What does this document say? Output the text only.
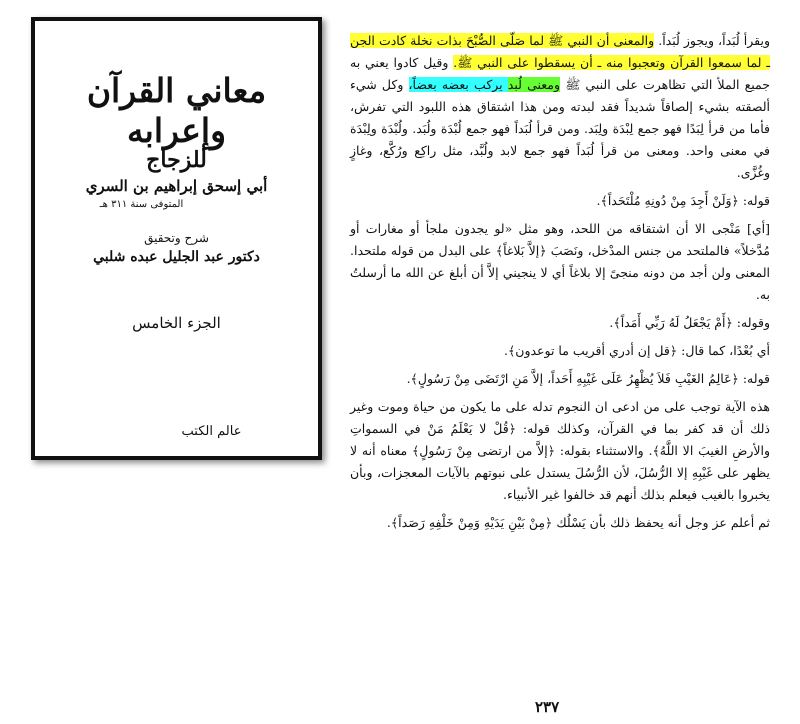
معاني القرآن وإعرابه
للزجاج
أبي إسحق إبراهيم بن السري
المتوفى سنة ٣١١ هـ
شرح وتحقيق
دكتور عبد الجليل عبده شلبي
الجزء الخامس
عالم الكتب

ويقرأ لُبَداً، ويجوز لُبَداً. والمعنى أن النبي ﷺ لما صَلّى الصُّبْحَ بذات نخلة كادت الجن ـ لما سمعوا القرآن وتعجبوا منه ـ أن يسقطوا على النبي ﷺ. وقيل كادوا يعني به جميع الملأ التي تظاهرت على النبي ﷺ ومعنى لُبد يركب بعضه بعضاً، وكل شيء ألصقته بشيء إلصاقاً شديداً فقد لبدته ومن هذا اشتقاق هذه اللبود التي تفرش، فأما من قرأ لِبَدًا فهو جمع لِبْدَة ولِبَد. ومن قرأ لُبَداً فهو جمع لُبْدَة ولُبَد. ولُبْدَة ولِبْدَة في معنى واحد. ومعنى من قرأ لُبَداً فهو جمع لابد ولُبَّد، مثل راكِع ورُكَّع، وغازٍ وغُزَّى.

قوله: ﴿وَلَنْ أَجِدَ مِنْ دُونِهِ مُلْتَحَداً﴾.

[أي] مَنْجى الا أن اشتقاقه من اللحد، وهو مثل «لو يجدون ملجأ أو مغارات أو مُدَّخلاً» فالملتحد من جنس المدْخل، ونَصَبَ ﴿إلاَّ بَلاغاً﴾ على البدل من قوله ملتحدا. المعنى ولن أجد من دونه منجىً إلا بلاغاً أي لا ينجيني إلاَّ أن أبلغ عن الله ما أرسلتُ به.

وقوله: ﴿أَمْ يَجْعَلُ لَهُ رَبِّي أَمَداً﴾.

أي بُعْدًا، كما قال: ﴿قل إن أدري أقريب ما توعدون﴾.

قوله: ﴿عَالِمُ الغَيْبِ فَلاَ يُظْهِرُ عَلَى غَيْبِهِ أَحَداً، إلاَّ مَنِ ارْتَضَى مِنْ رَسُولٍ﴾.

هذه الآية توجب على من ادعى ان النجوم تدله على ما يكون من حياة وموت وغير ذلك أن قد كفر بما في القرآن، وكذلك قوله: ﴿قُلْ لا يَعْلَمُ مَنْ في السمواتِ والأرضِ الغيبَ الا اللَّهُ﴾. والاستثناء بقوله: ﴿إلاَّ من ارتضى مِنْ رَسُولٍ﴾ معناه أنه لا يظهر على غَيْبِهِ إلا الرُّسُلَ، لأن الرُّسُلَ يستدل على نبوتهم بالآيات المعجزات، وبأن يخبروا بالغيب فيعلم بذلك أنهم قد خالفوا غير الأنبياء.

ثم أعلم عز وجل أنه يحفظ ذلك بأن يَسْلُك ﴿مِنْ بَيْنِ يَدَيْهِ وَمِنْ خَلْفِهِ رَصَداً﴾.

٢٣٧
